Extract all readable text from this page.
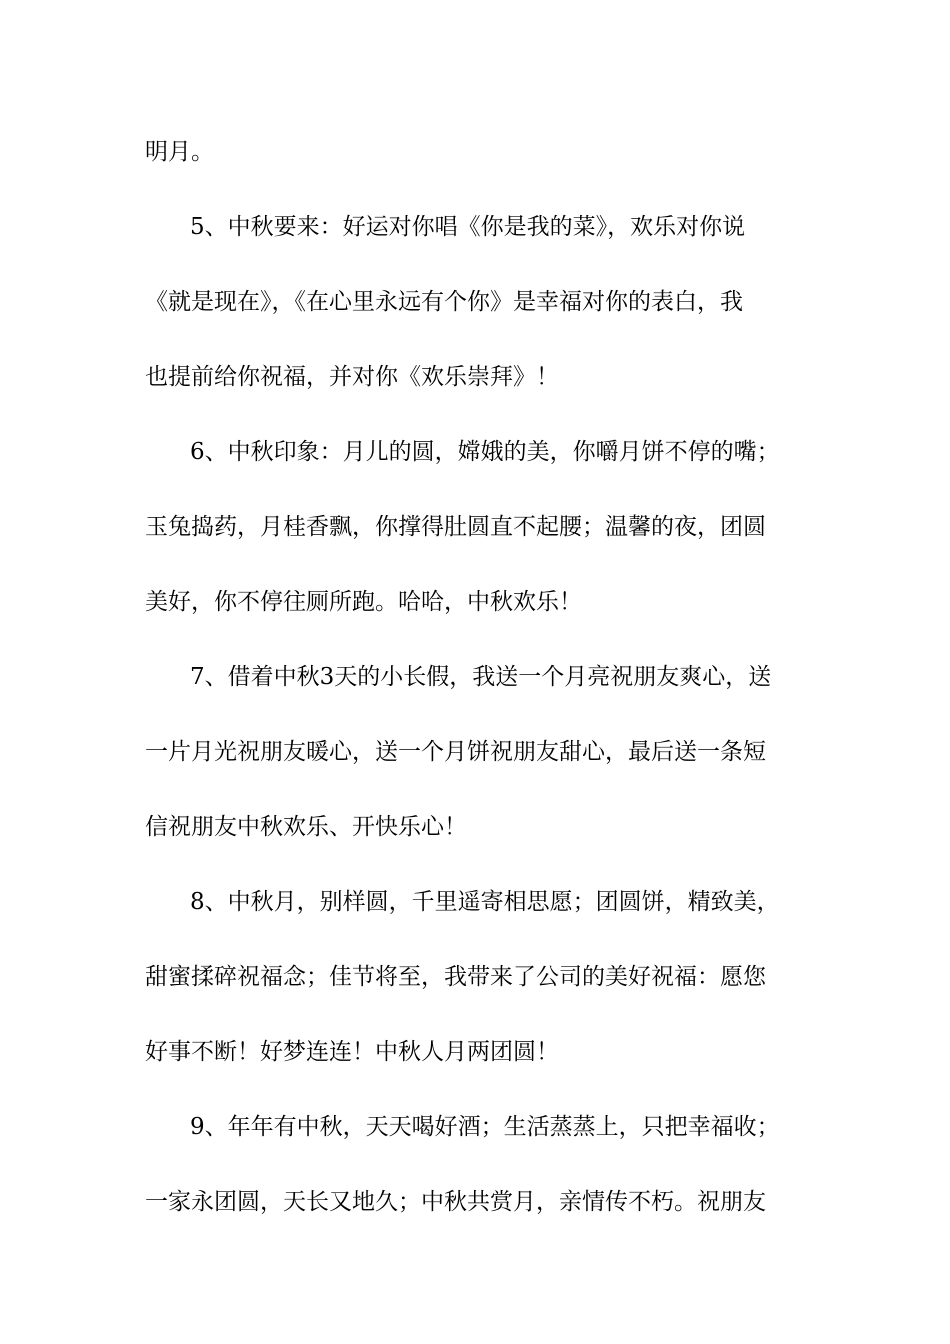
明月。
5、中秋要来：好运对你唱《你是我的菜》，欢乐对你说
《就是现在》，《在心里永远有个你》是幸福对你的表白，我
也提前给你祝福，并对你《欢乐崇拜》！
6、中秋印象：月儿的圆，嫦娥的美，你嚼月饼不停的嘴；
玉兔捣药，月桂香飘，你撑得肚圆直不起腰；温馨的夜，团圆
美好，你不停往厕所跑。哈哈，中秋欢乐！
7、借着中秋3天的小长假，我送一个月亮祝朋友爽心，送
一片月光祝朋友暖心，送一个月饼祝朋友甜心，最后送一条短
信祝朋友中秋欢乐、开快乐心！
8、中秋月，别样圆，千里遥寄相思愿；团圆饼，精致美，
甜蜜揉碎祝福念；佳节将至，我带来了公司的美好祝福：愿您
好事不断！好梦连连！中秋人月两团圆！
9、年年有中秋，天天喝好酒；生活蒸蒸上，只把幸福收；
一家永团圆，天长又地久；中秋共赏月，亲情传不朽。祝朋友
